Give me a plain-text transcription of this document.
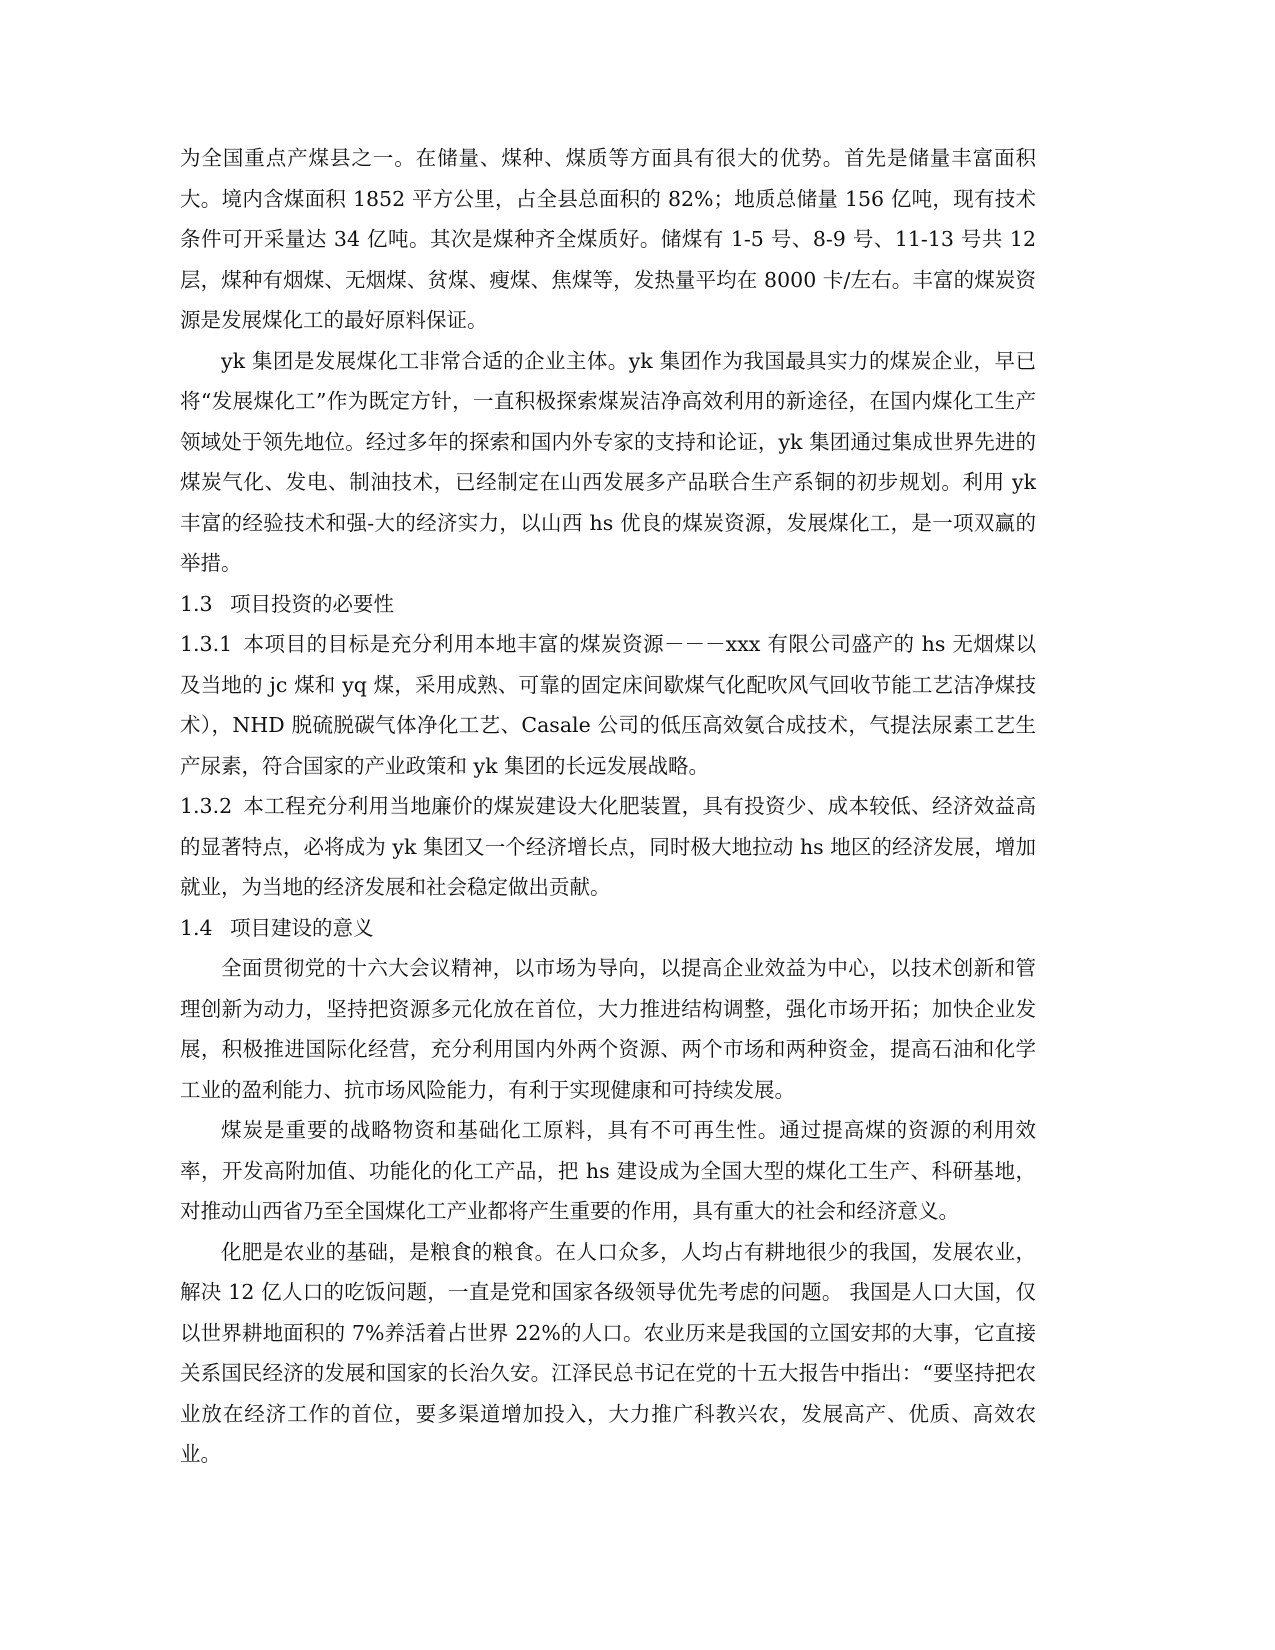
为全国重点产煤县之一。在储量、煤种、煤质等方面具有很大的优势。首先是储量丰富面积大。境内含煤面积 1852 平方公里，占全县总面积的 82%；地质总储量 156 亿吨，现有技术条件可开采量达 34 亿吨。其次是煤种齐全煤质好。储煤有 1-5 号、8-9 号、11-13 号共 12 层，煤种有烟煤、无烟煤、贫煤、瘦煤、焦煤等，发热量平均在 8000 卡/左右。丰富的煤炭资源是发展煤化工的最好原料保证。

yk 集团是发展煤化工非常合适的企业主体。yk 集团作为我国最具实力的煤炭企业，早已将“发展煤化工”作为既定方针，一直积极探索煤炭洁净高效利用的新途径，在国内煤化工生产领域处于领先地位。经过多年的探索和国内外专家的支持和论证，yk 集团通过集成世界先进的煤炭气化、发电、制油技术，已经制定在山西发展多产品联合生产系铜的初步规划。利用 yk 丰富的经验技术和强-大的经济实力，以山西 hs 优良的煤炭资源，发展煤化工，是一项双赢的举措。

1.3 项目投资的必要性

1.3.1 本项目的目标是充分利用本地丰富的煤炭资源－－－xxx 有限公司盛产的 hs 无烟煤以及当地的 jc 煤和 yq 煤，采用成熟、可靠的固定床间歇煤气化配吹风气回收节能工艺洁净煤技术），NHD 脱硫脱碳气体净化工艺、Casale 公司的低压高效氨合成技术，气提法尿素工艺生产尿素，符合国家的产业政策和 yk 集团的长远发展战略。

1.3.2 本工程充分利用当地廉价的煤炭建设大化肥装置，具有投资少、成本较低、经济效益高的显著特点，必将成为 yk 集团又一个经济增长点，同时极大地拉动 hs 地区的经济发展，增加就业，为当地的经济发展和社会稳定做出贡献。

1.4 项目建设的意义

全面贯彻党的十六大会议精神，以市场为导向，以提高企业效益为中心，以技术创新和管理创新为动力，坚持把资源多元化放在首位，大力推进结构调整，强化市场开拓；加快企业发展，积极推进国际化经营，充分利用国内外两个资源、两个市场和两种资金，提高石油和化学工业的盈利能力、抗市场风险能力，有利于实现健康和可持续发展。

煤炭是重要的战略物资和基础化工原料，具有不可再生性。通过提高煤的资源的利用效率，开发高附加值、功能化的化工产品，把 hs 建设成为全国大型的煤化工生产、科研基地，对推动山西省乃至全国煤化工产业都将产生重要的作用，具有重大的社会和经济意义。

化肥是农业的基础，是粮食的粮食。在人口众多，人均占有耕地很少的我国，发展农业，解决 12 亿人口的吃饭问题，一直是党和国家各级领导优先考虑的问题。 我国是人口大国，仅以世界耕地面积的 7%养活着占世界 22%的人口。农业历来是我国的立国安邦的大事，它直接关系国民经济的发展和国家的长治久安。江泽民总书记在党的十五大报告中指出：“要坚持把农业放在经济工作的首位，要多渠道增加投入，大力推广科教兴农，发展高产、优质、高效农业。
